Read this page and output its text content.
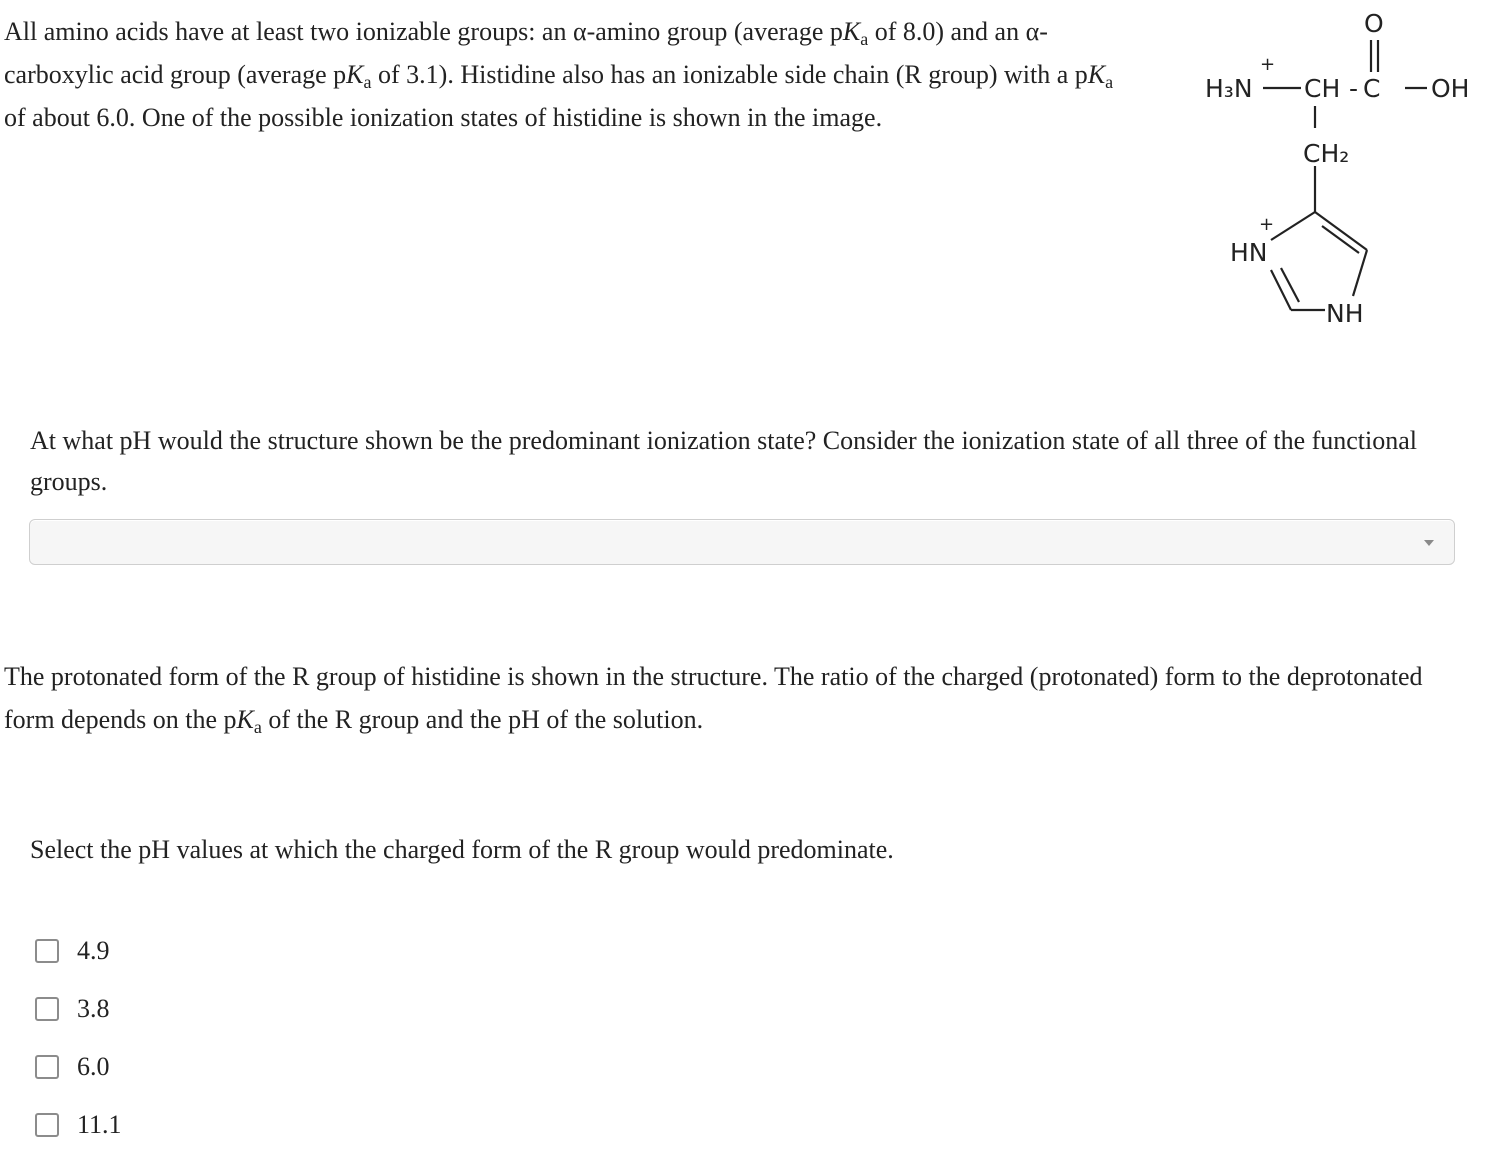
All amino acids have at least two ionizable groups: an α-amino group (average $pK_a$ of 8.0) and an α-carboxylic acid group (average $pK_a$ of 3.1). Histidine also has an ionizable side chain (R group) with a $pK_a$ of about 6.0. One of the possible ionization states of histidine is shown in the image.
O
+
H₃N CH - C OH
CH₂
+
HN
NH
At what pH would the structure shown be the predominant ionization state? Consider the ionization state of all three of the functional groups.
The protonated form of the R group of histidine is shown in the structure. The ratio of the charged (protonated) form to the deprotonated form depends on the $pK_a$ of the R group and the pH of the solution.
Select the pH values at which the charged form of the R group would predominate.
4.9
3.8
6.0
11.1
